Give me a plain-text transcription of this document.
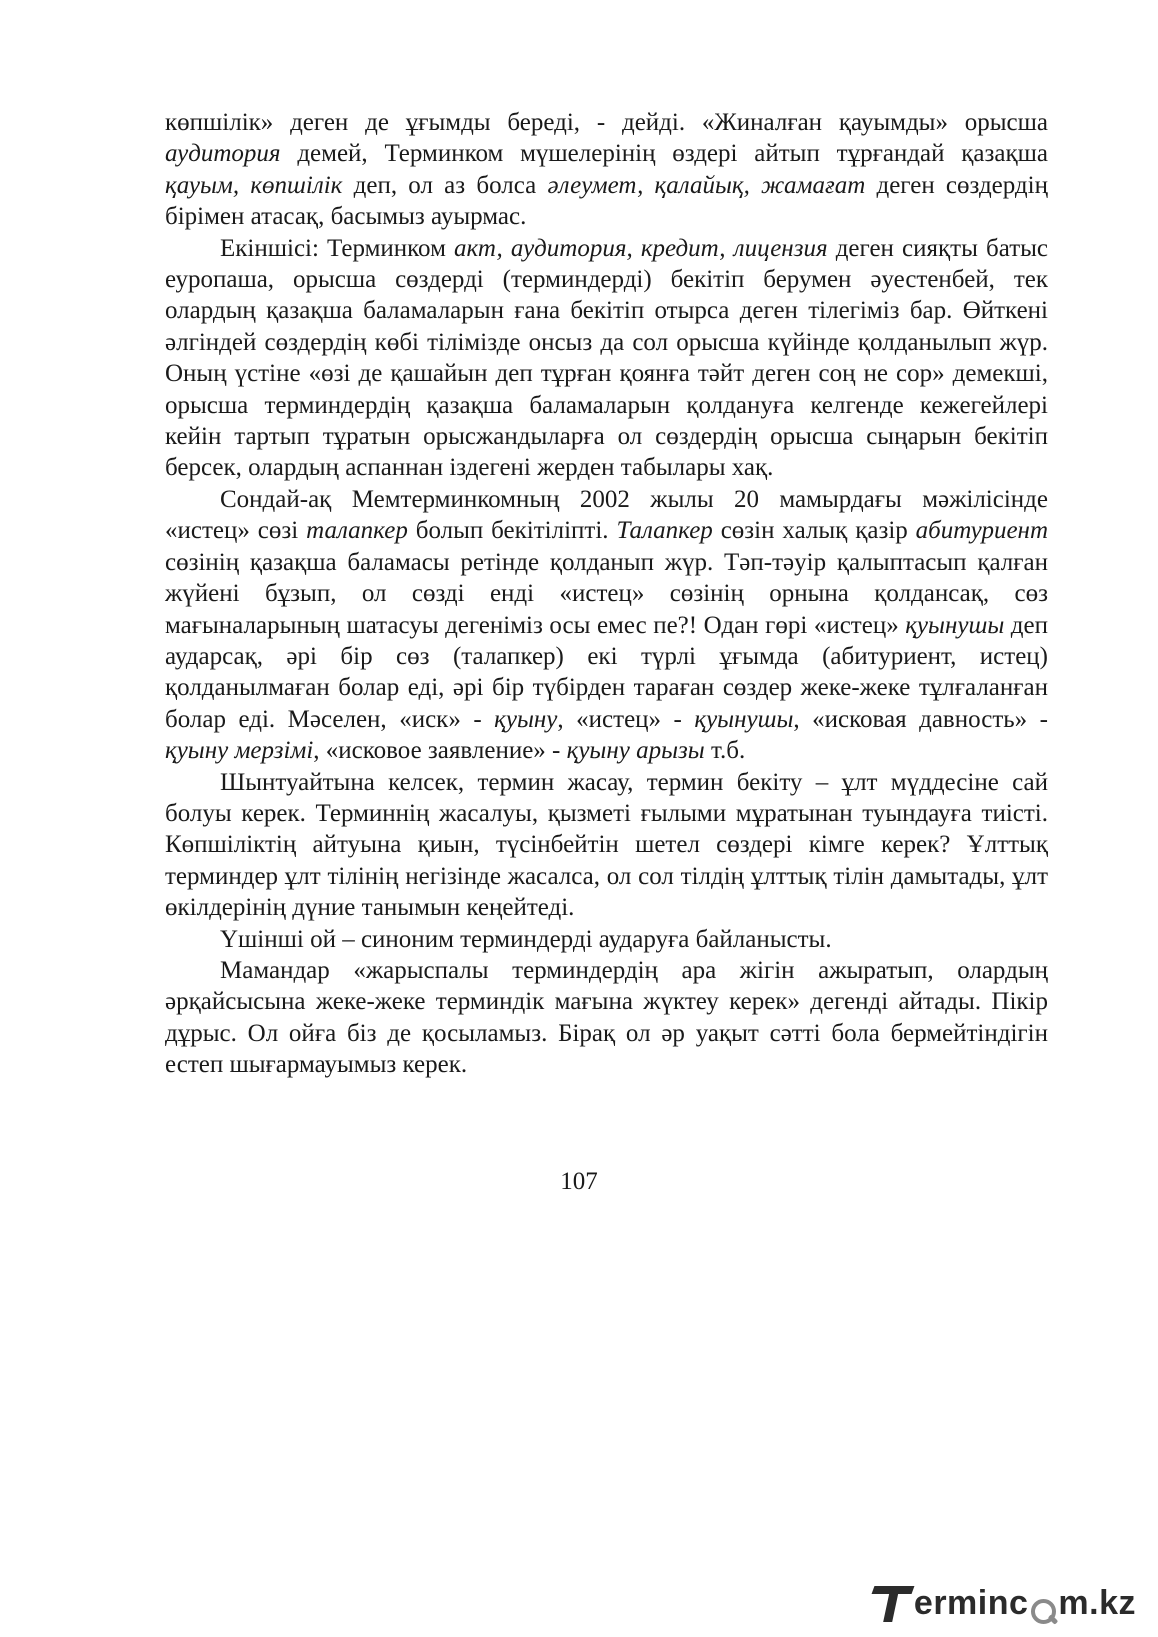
көпшілік» деген де ұғымды береді, - дейді. «Жиналған қауымды» орысша аудитория демей, Терминком мүшелерінің өздері айтып тұрғандай қазақша қауым, көпшілік деп, ол аз болса әлеумет, қалайық, жамағат деген сөздердің бірімен атасақ, басымыз ауырмас.

Екіншісі: Терминком акт, аудитория, кредит, лицензия деген сияқты батыс еуропаша, орысша сөздерді (терминдерді) бекітіп берумен әуестенбей, тек олардың қазақша баламаларын ғана бекітіп отырса деген тілегіміз бар. Өйткені әлгіндей сөздердің көбі тілімізде онсыз да сол орысша күйінде қолданылып жүр. Оның үстіне «өзі де қашайын деп тұрған қоянға тәйт деген соң не сор» демекші, орысша терминдердің қазақша баламаларын қолдануға келгенде кежегейлері кейін тартып тұратын орысжандыларға ол сөздердің орысша сыңарын бекітіп берсек, олардың аспаннан іздегені жерден табылары хақ.

Сондай-ақ Мемтерминкомның 2002 жылы 20 мамырдағы мәжілісінде «истец» сөзі талапкер болып бекітіліпті. Талапкер сөзін халық қазір абитуриент сөзінің қазақша баламасы ретінде қолданып жүр. Тәп-тәуір қалыптасып қалған жүйені бұзып, ол сөзді енді «истец» сөзінің орнына қолдансақ, сөз мағыналарының шатасуы дегеніміз осы емес пе?! Одан гөрі «истец» қуынушы деп аударсақ, әрі бір сөз (талапкер) екі түрлі ұғымда (абитуриент, истец) қолданылмаған болар еді, әрі бір түбірден тараған сөздер жеке-жеке тұлғаланған болар еді. Мәселен, «иск» - қуыну, «истец» - қуынушы, «исковая давность» - қуыну мерзімі, «исковое заявление» - қуыну арызы т.б.

Шынтуайтына келсек, термин жасау, термин бекіту – ұлт мүддесіне сай болуы керек. Терминнің жасалуы, қызметі ғылыми мұратынан туындауға тиісті. Көпшіліктің айтуына қиын, түсінбейтін шетел сөздері кімге керек? Ұлттық терминдер ұлт тілінің негізінде жасалса, ол сол тілдің ұлттық тілін дамытады, ұлт өкілдерінің дүние танымын кеңейтеді.

Үшінші ой – синоним терминдерді аударуға байланысты.

Мамандар «жарыспалы терминдердің ара жігін ажыратып, олардың әрқайсысына жеке-жеке терминдік мағына жүктеу керек» дегенді айтады. Пікір дұрыс. Ол ойға біз де қосыламыз. Бірақ ол әр уақыт сәтті бола бермейтіндігін естеп шығармауымыз керек.

107
erminc m.kz
